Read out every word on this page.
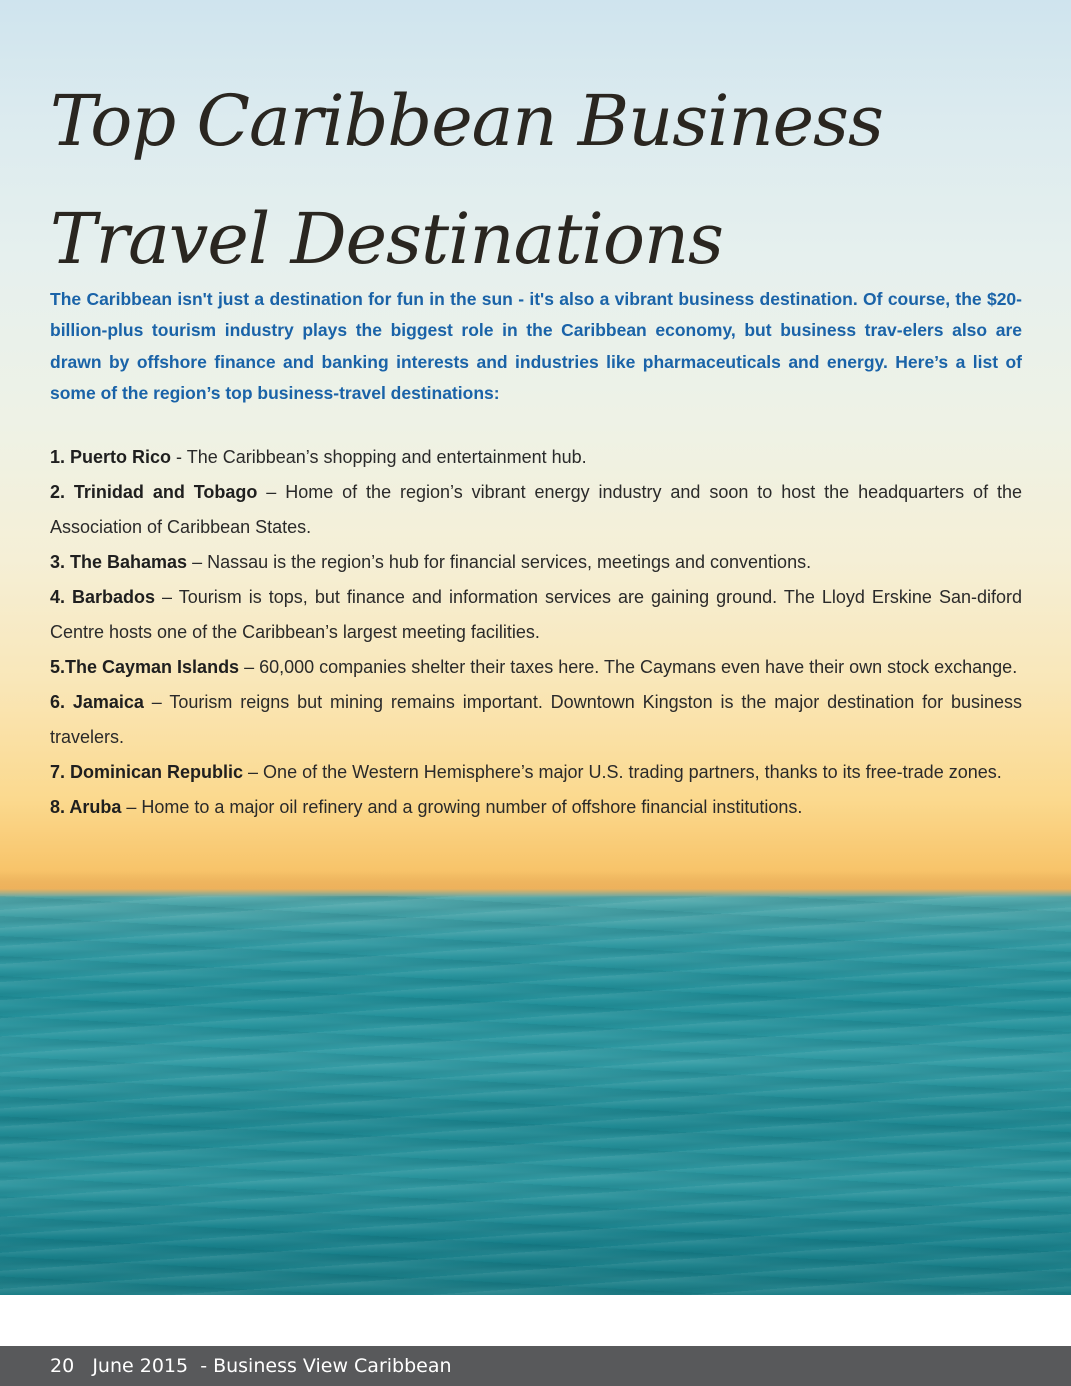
Top Caribbean Business
Travel Destinations

The Caribbean isn't just a destination for fun in the sun - it's also a vibrant business destination. Of course, the $20-billion-plus tourism industry plays the biggest role in the Caribbean economy, but business trav-elers also are drawn by offshore finance and banking interests and industries like pharmaceuticals and energy. Here’s a list of some of the region’s top business-travel destinations:

1. Puerto Rico - The Caribbean’s shopping and entertainment hub.
2. Trinidad and Tobago – Home of the region’s vibrant energy industry and soon to host the headquarters of the Association of Caribbean States.
3. The Bahamas – Nassau is the region’s hub for financial services, meetings and conventions.
4. Barbados – Tourism is tops, but finance and information services are gaining ground. The Lloyd Erskine San-diford Centre hosts one of the Caribbean’s largest meeting facilities.
5.The Cayman Islands – 60,000 companies shelter their taxes here. The Caymans even have their own stock exchange.
6. Jamaica – Tourism reigns but mining remains important. Downtown Kingston is the major destination for business travelers.
7. Dominican Republic – One of the Western Hemisphere’s major U.S. trading partners, thanks to its free-trade zones.
8. Aruba – Home to a major oil refinery and a growing number of offshore financial institutions.
20 June 2015 - Business View Caribbean
